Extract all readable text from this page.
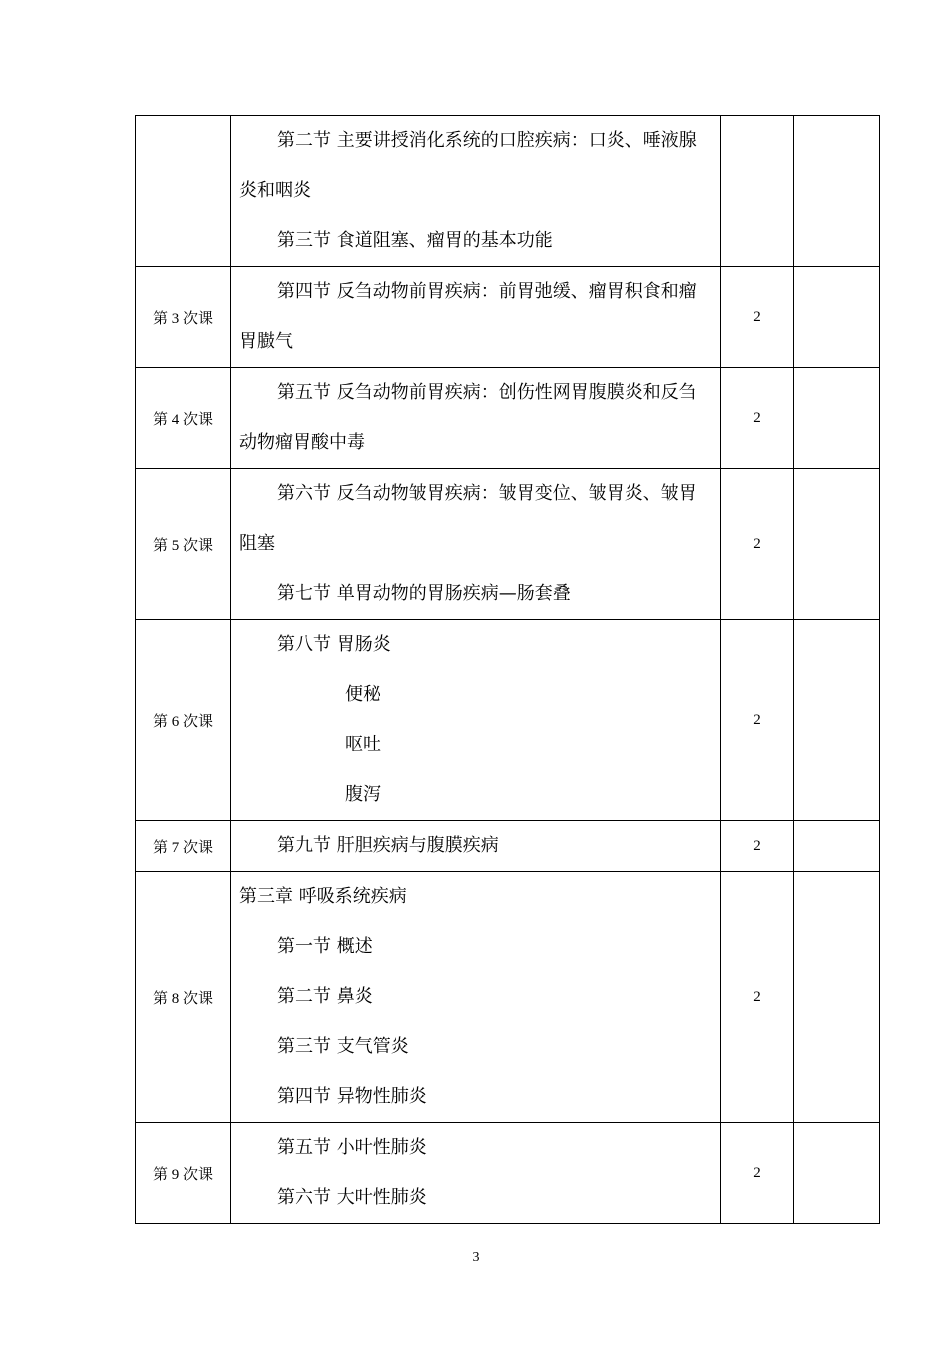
	第二节 主要讲授消化系统的口腔疾病：口炎、唾液腺炎和咽炎
第三节 食道阻塞、瘤胃的基本功能		

第 3 次课	第四节 反刍动物前胃疾病：前胃弛缓、瘤胃积食和瘤胃臌气	2	
第 4 次课	第五节 反刍动物前胃疾病：创伤性网胃腹膜炎和反刍动物瘤胃酸中毒	2	
第 5 次课	第六节 反刍动物皱胃疾病：皱胃变位、皱胃炎、皱胃阻塞
第七节 单胃动物的胃肠疾病—肠套叠	2	
第 6 次课	第八节 胃肠炎
便秘
呕吐
腹泻	2	
第 7 次课	第九节 肝胆疾病与腹膜疾病	2	
第 8 次课	第三章 呼吸系统疾病
第一节 概述
第二节 鼻炎
第三节 支气管炎
第四节 异物性肺炎	2	
第 9 次课	第五节 小叶性肺炎
第六节 大叶性肺炎	2	
3
